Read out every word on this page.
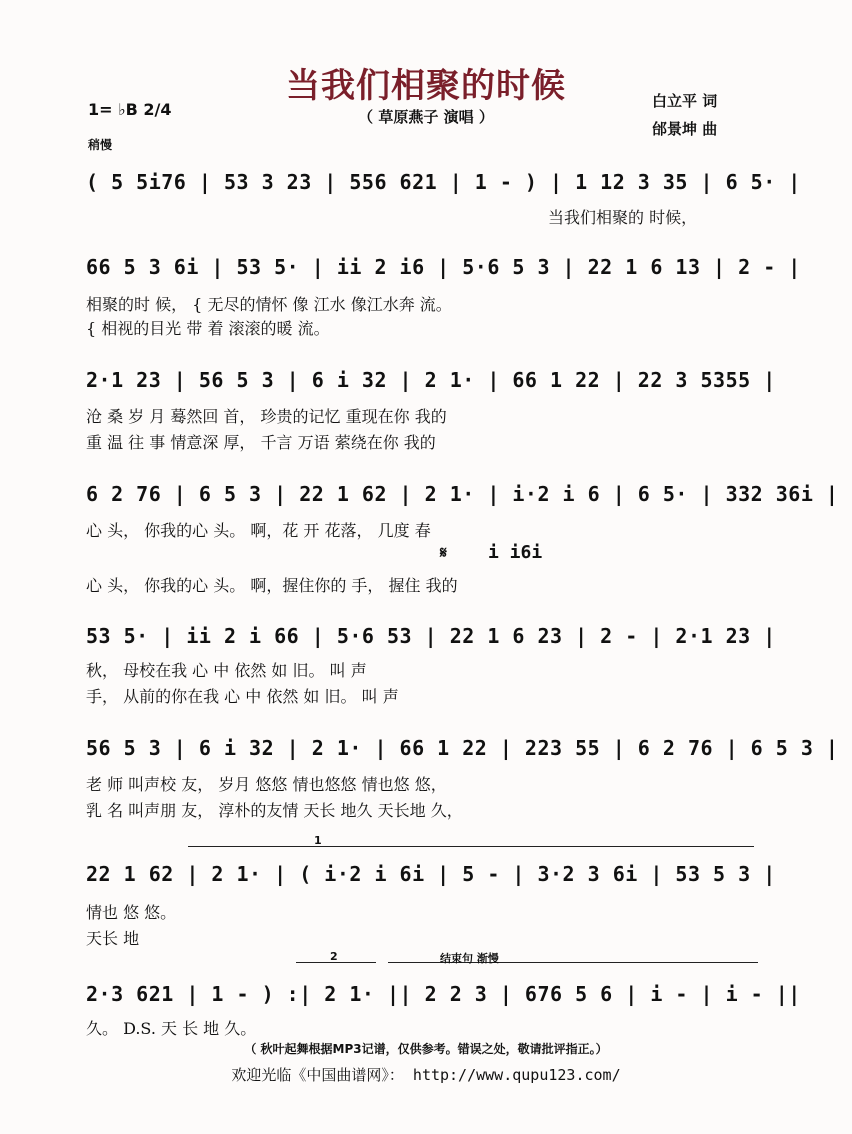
当我们相聚的时候
（ 草原燕子 演唱 ）
白立平 词
邰景坤 曲
1= ♭B 2/4
稍慢
( 5 5i76 | 53 3 23 | 556 621 | 1 - ) | 1 12 3 35 | 6 5· |
当我们相聚的 时候，
66 5 3 6i | 53 5· | ii 2 i6 | 5·6 5 3 | 22 1 6 13 | 2 - |
相聚的时 候， { 无尽的情怀 像 江水 像江水奔 流。
{ 相视的目光 带 着 滚滚的暖 流。
2·1 23 | 56 5 3 | 6 i 32 | 2 1· | 66 1 22 | 22 3 5355 |
沧 桑 岁 月 蓦然回 首， 珍贵的记忆 重现在你 我的
重 温 往 事 情意深 厚， 千言 万语 萦绕在你 我的
6 2 76 | 6 5 3 | 22 1 62 | 2 1· | i·2 i 6 | 6 5· | 332 36i |
心 头， 你我的心 头。 啊，花 开 花落， 几度 春
𝄋 i i6i
心 头， 你我的心 头。 啊，握住你的 手， 握住 我的
53 5· | ii 2 i 66 | 5·6 53 | 22 1 6 23 | 2 - | 2·1 23 |
秋， 母校在我 心 中 依然 如 旧。 叫 声
手， 从前的你在我 心 中 依然 如 旧。 叫 声
56 5 3 | 6 i 32 | 2 1· | 66 1 22 | 223 55 | 6 2 76 | 6 5 3 |
老 师 叫声校 友， 岁月 悠悠 情也悠悠 情也悠 悠，
乳 名 叫声朋 友， 淳朴的友情 天长 地久 天长地 久，
1
22 1 62 | 2 1· | ( i·2 i 6i | 5 - | 3·2 3 6i | 53 5 3 |
情也 悠 悠。
天长 地
2	结束句 渐慢
2·3 621 | 1 - ) :| 2 1· || 2 2 3 | 676 5 6 | i - | i - ||
久。 D.S. 天 长 地 久。
（ 秋叶起舞根据MP3记谱，仅供参考。错误之处，敬请批评指正。）
欢迎光临《中国曲谱网》： http://www.qupu123.com/
